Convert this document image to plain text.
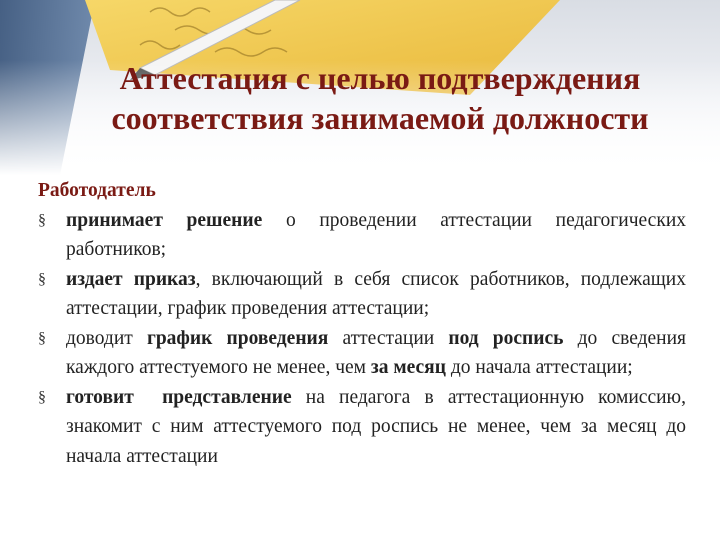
Аттестация с целью подтверждения
соответствия занимаемой должности
Работодатель
§ принимает решение о проведении аттестации педагогических работников;
§ издает приказ, включающий в себя список работников, подлежащих аттестации, график проведения аттестации;
§ доводит график проведения аттестации под роспись до сведения каждого аттестуемого не менее, чем за месяц до начала аттестации;
§ готовит  представление на педагога в аттестационную комиссию, знакомит с ним аттестуемого под роспись не менее, чем за месяц до начала аттестации
